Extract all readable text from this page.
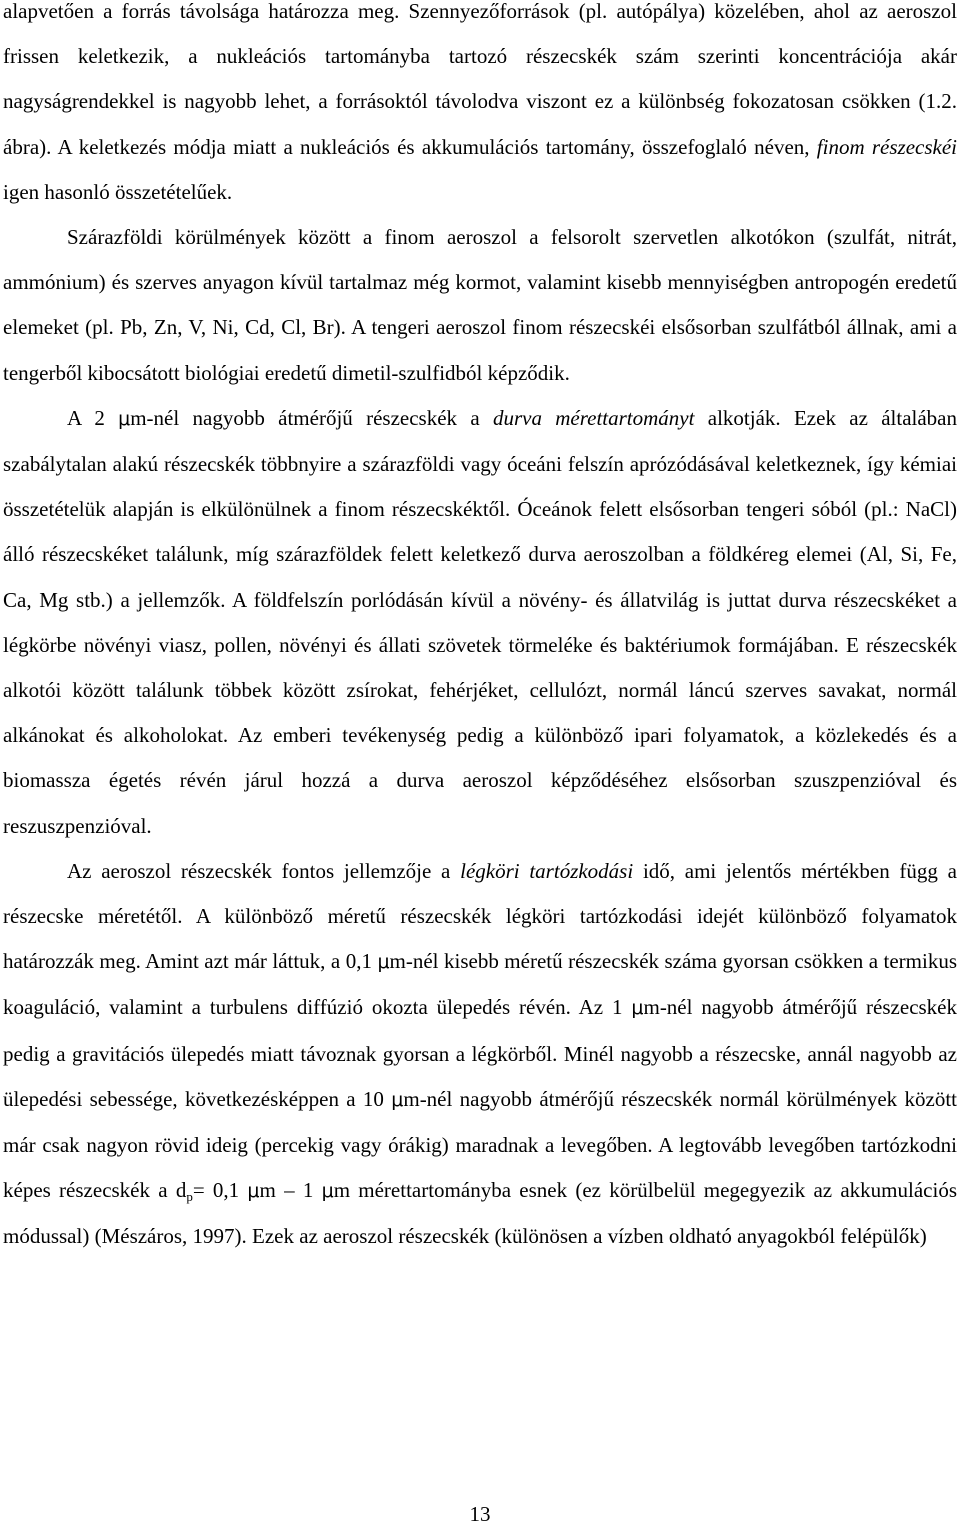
alapvetően a forrás távolsága határozza meg. Szennyezőforrások (pl. autópálya) közelében, ahol az aeroszol frissen keletkezik, a nukleációs tartományba tartozó részecskék szám szerinti koncentrációja akár nagyságrendekkel is nagyobb lehet, a forrásoktól távolodva viszont ez a különbség fokozatosan csökken (1.2. ábra). A keletkezés módja miatt a nukleációs és akkumulációs tartomány, összefoglaló néven, finom részecskéi igen hasonló összetételűek.

Szárazföldi körülmények között a finom aeroszol a felsorolt szervetlen alkotókon (szulfát, nitrát, ammónium) és szerves anyagon kívül tartalmaz még kormot, valamint kisebb mennyiségben antropogén eredetű elemeket (pl. Pb, Zn, V, Ni, Cd, Cl, Br). A tengeri aeroszol finom részecskéi elsősorban szulfátból állnak, ami a tengerből kibocsátott biológiai eredetű dimetil-szulfidból képződik.

A 2 μm-nél nagyobb átmérőjű részecskék a durva mérettartományt alkotják. Ezek az általában szabálytalan alakú részecskék többnyire a szárazföldi vagy óceáni felszín aprózódásával keletkeznek, így kémiai összetételük alapján is elkülönülnek a finom részecskéktől. Óceánok felett elsősorban tengeri sóból (pl.: NaCl) álló részecskéket találunk, míg szárazföldek felett keletkező durva aeroszolban a földkéreg elemei (Al, Si, Fe, Ca, Mg stb.) a jellemzők. A földfelszín porlódásán kívül a növény- és állatvilág is juttat durva részecskéket a légkörbe növényi viasz, pollen, növényi és állati szövetek törmeléke és baktériumok formájában. E részecskék alkotói között találunk többek között zsírokat, fehérjéket, cellulózt, normál láncú szerves savakat, normál alkánokat és alkoholokat. Az emberi tevékenység pedig a különböző ipari folyamatok, a közlekedés és a biomassza égetés révén járul hozzá a durva aeroszol képződéséhez elsősorban szuszpenzióval és reszuszpenzióval.

Az aeroszol részecskék fontos jellemzője a légköri tartózkodási idő, ami jelentős mértékben függ a részecske méretétől. A különböző méretű részecskék légköri tartózkodási idejét különböző folyamatok határozzák meg. Amint azt már láttuk, a 0,1 μm-nél kisebb méretű részecskék száma gyorsan csökken a termikus koaguláció, valamint a turbulens diffúzió okozta ülepedés révén. Az 1 μm-nél nagyobb átmérőjű részecskék pedig a gravitációs ülepedés miatt távoznak gyorsan a légkörből. Minél nagyobb a részecske, annál nagyobb az ülepedési sebessége, következésképpen a 10 μm-nél nagyobb átmérőjű részecskék normál körülmények között már csak nagyon rövid ideig (percekig vagy órákig) maradnak a levegőben. A legtovább levegőben tartózkodni képes részecskék a $d_p= 0,1$ μm – 1 μm mérettartományba esnek (ez körülbelül megegyezik az akkumulációs módussal) (Mészáros, 1997). Ezek az aeroszol részecskék (különösen a vízben oldható anyagokból felépülők)

13
